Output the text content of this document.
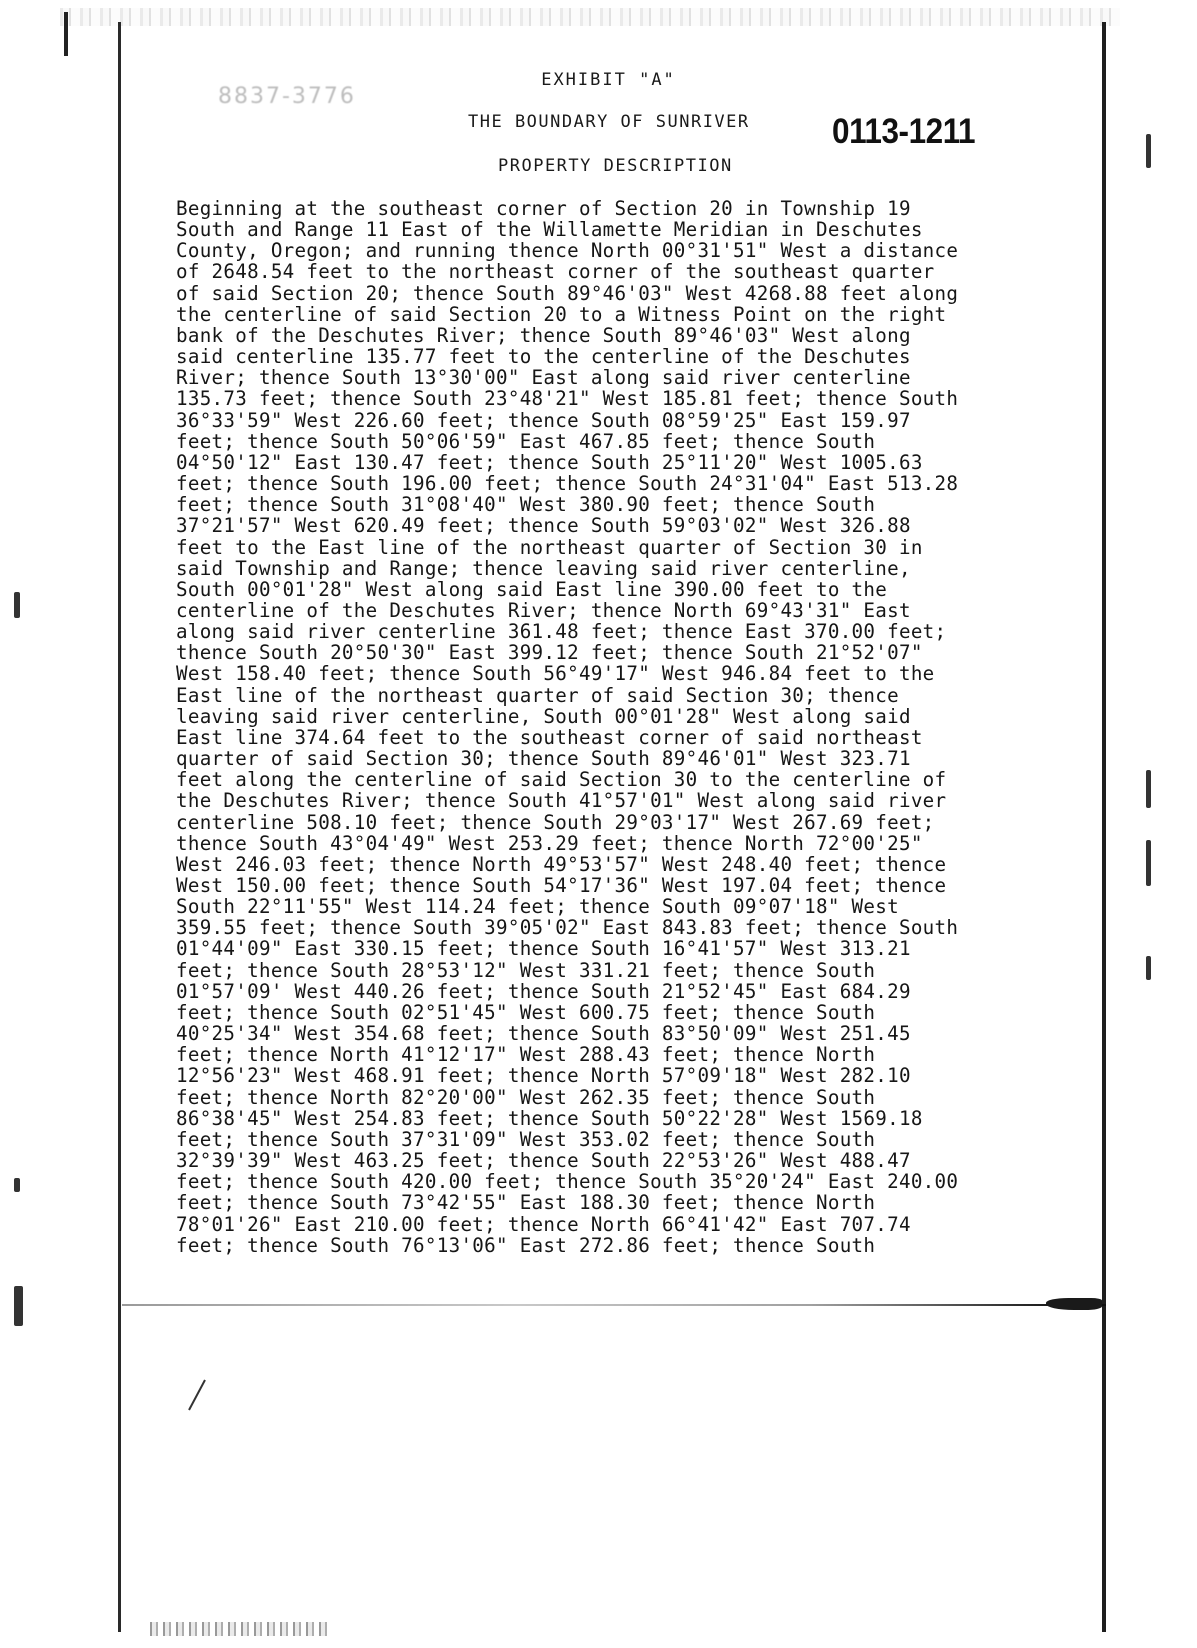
8837-3776
EXHIBIT "A"
THE BOUNDARY OF SUNRIVER 0113-1211
PROPERTY DESCRIPTION
Beginning at the southeast corner of Section 20 in Township 19
South and Range 11 East of the Willamette Meridian in Deschutes
County, Oregon; and running thence North 00°31'51" West a distance
of 2648.54 feet to the northeast corner of the southeast quarter
of said Section 20; thence South 89°46'03" West 4268.88 feet along
the centerline of said Section 20 to a Witness Point on the right
bank of the Deschutes River; thence South 89°46'03" West along
said centerline 135.77 feet to the centerline of the Deschutes
River; thence South 13°30'00" East along said river centerline
135.73 feet; thence South 23°48'21" West 185.81 feet; thence South
36°33'59" West 226.60 feet; thence South 08°59'25" East 159.97
feet; thence South 50°06'59" East 467.85 feet; thence South
04°50'12" East 130.47 feet; thence South 25°11'20" West 1005.63
feet; thence South 196.00 feet; thence South 24°31'04" East 513.28
feet; thence South 31°08'40" West 380.90 feet; thence South
37°21'57" West 620.49 feet; thence South 59°03'02" West 326.88
feet to the East line of the northeast quarter of Section 30 in
said Township and Range; thence leaving said river centerline,
South 00°01'28" West along said East line 390.00 feet to the
centerline of the Deschutes River; thence North 69°43'31" East
along said river centerline 361.48 feet; thence East 370.00 feet;
thence South 20°50'30" East 399.12 feet; thence South 21°52'07"
West 158.40 feet; thence South 56°49'17" West 946.84 feet to the
East line of the northeast quarter of said Section 30; thence
leaving said river centerline, South 00°01'28" West along said
East line 374.64 feet to the southeast corner of said northeast
quarter of said Section 30; thence South 89°46'01" West 323.71
feet along the centerline of said Section 30 to the centerline of
the Deschutes River; thence South 41°57'01" West along said river
centerline 508.10 feet; thence South 29°03'17" West 267.69 feet;
thence South 43°04'49" West 253.29 feet; thence North 72°00'25"
West 246.03 feet; thence North 49°53'57" West 248.40 feet; thence
West 150.00 feet; thence South 54°17'36" West 197.04 feet; thence
South 22°11'55" West 114.24 feet; thence South 09°07'18" West
359.55 feet; thence South 39°05'02" East 843.83 feet; thence South
01°44'09" East 330.15 feet; thence South 16°41'57" West 313.21
feet; thence South 28°53'12" West 331.21 feet; thence South
01°57'09' West 440.26 feet; thence South 21°52'45" East 684.29
feet; thence South 02°51'45" West 600.75 feet; thence South
40°25'34" West 354.68 feet; thence South 83°50'09" West 251.45
feet; thence North 41°12'17" West 288.43 feet; thence North
12°56'23" West 468.91 feet; thence North 57°09'18" West 282.10
feet; thence North 82°20'00" West 262.35 feet; thence South
86°38'45" West 254.83 feet; thence South 50°22'28" West 1569.18
feet; thence South 37°31'09" West 353.02 feet; thence South
32°39'39" West 463.25 feet; thence South 22°53'26" West 488.47
feet; thence South 420.00 feet; thence South 35°20'24" East 240.00
feet; thence South 73°42'55" East 188.30 feet; thence North
78°01'26" East 210.00 feet; thence North 66°41'42" East 707.74
feet; thence South 76°13'06" East 272.86 feet; thence South
